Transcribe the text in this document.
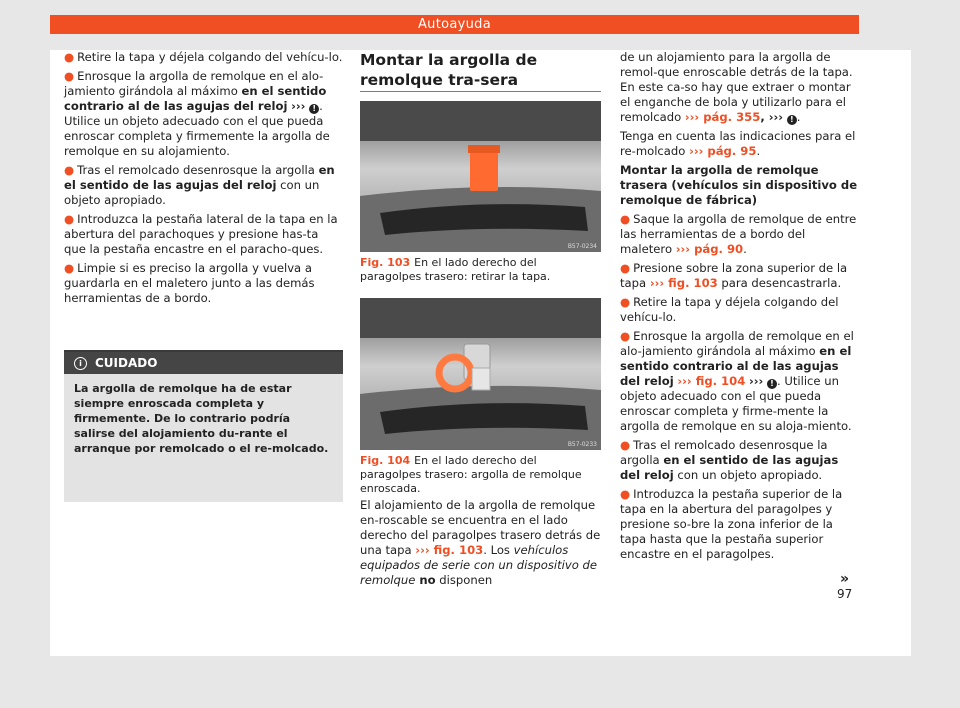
Autoayuda

● Retire la tapa y déjela colgando del vehícu-lo.

● Enrosque la argolla de remolque en el alo-jamiento girándola al máximo en el sentido contrario al de las agujas del reloj ››› ! . Utilice un objeto adecuado con el que pueda enroscar completa y firmemente la argolla de remolque en su alojamiento.

● Tras el remolcado desenrosque la argolla en el sentido de las agujas del reloj con un objeto apropiado.

● Introduzca la pestaña lateral de la tapa en la abertura del parachoques y presione has-ta que la pestaña encastre en el paracho-ques.

● Limpie si es preciso la argolla y vuelva a guardarla en el maletero junto a las demás herramientas de a bordo.

i	CUIDADO
La argolla de remolque ha de estar siempre enroscada completa y firmemente. De lo contrario podría salirse del alojamiento du-rante el arranque por remolcado o el re-molcado.

Montar la argolla de remolque tra-sera

B57-0234
Fig. 103 En el lado derecho del paragolpes trasero: retirar la tapa.
B57-0233
Fig. 104 En el lado derecho del paragolpes trasero: argolla de remolque enroscada.

El alojamiento de la argolla de remolque en-roscable se encuentra en el lado derecho del paragolpes trasero detrás de una tapa ››› fig. 103. Los vehículos equipados de serie con un dispositivo de remolque no disponen

de un alojamiento para la argolla de remol-que enroscable detrás de la tapa. En este ca-so hay que extraer o montar el enganche de bola y utilizarlo para el remolcado ››› pág. 355, ››› ! .

Tenga en cuenta las indicaciones para el re-molcado ››› pág. 95.

Montar la argolla de remolque trasera (vehículos sin dispositivo de remolque de fábrica)

● Saque la argolla de remolque de entre las herramientas de a bordo del maletero ››› pág. 90.

● Presione sobre la zona superior de la tapa ››› fig. 103 para desencastrarla.

● Retire la tapa y déjela colgando del vehícu-lo.

● Enrosque la argolla de remolque en el alo-jamiento girándola al máximo en el sentido contrario al de las agujas del reloj ››› fig. 104 ››› ! . Utilice un objeto adecuado con el que pueda enroscar completa y firme-mente la argolla de remolque en su aloja-miento.

● Tras el remolcado desenrosque la argolla en el sentido de las agujas del reloj con un objeto apropiado.

● Introduzca la pestaña superior de la tapa en la abertura del paragolpes y presione so-bre la zona inferior de la tapa hasta que la pestaña superior encastre en el paragolpes.

»
97
